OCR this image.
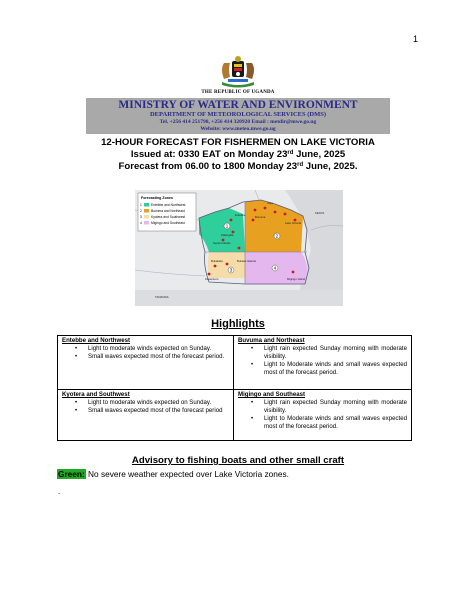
1
THE REPUBLIC OF UGANDA
MINISTRY OF WATER AND ENVIRONMENT
DEPARTMENT OF METEOROLOGICAL SERVICES (DMS)
Tel. +256 414 251798, +256 414 320920 Email : metdir@mwe.go.ug
Website: www.meteo.mwe.go.ug
12-HOUR FORECAST FOR FISHERMEN ON LAKE VICTORIA
Issued at: 0330 EAT on Monday 23rd June, 2025
Forecast from 06.00 to 1800 Monday 23rd June, 2025.
Forecasting Zones
1	Entebbe and Northwest
2	Buvuma and Northeast
3	Kyotera and Southwest
4	Migingo and Southeast
1
2
3	4
KENYA
TANZANIA
Lake Victoria
Kalangala
Sesse Islands
Bukasa Islands
Bukakata
Kasensero	Migingo Island
Jinja
Entebbe	Buvuma
Highlights
Entebbe and Northwest
• Light to moderate winds expected on Sunday.
• Small waves expected most of the forecast period.
Buvuma and Northeast
• Light rain expected Sunday morning with moderate visibility.
• Light to Moderate winds and small waves expected most of the forecast period.
Kyotera and Southwest
• Light to moderate winds expected on Sunday.
• Small waves expected most of the forecast period
Migingo and Southeast
• Light rain expected Sunday morning with moderate visibility.
• Light to Moderate winds and small waves expected most of the forecast period.
Advisory to fishing boats and other small craft
Green: No severe weather expected over Lake Victoria zones.
.
